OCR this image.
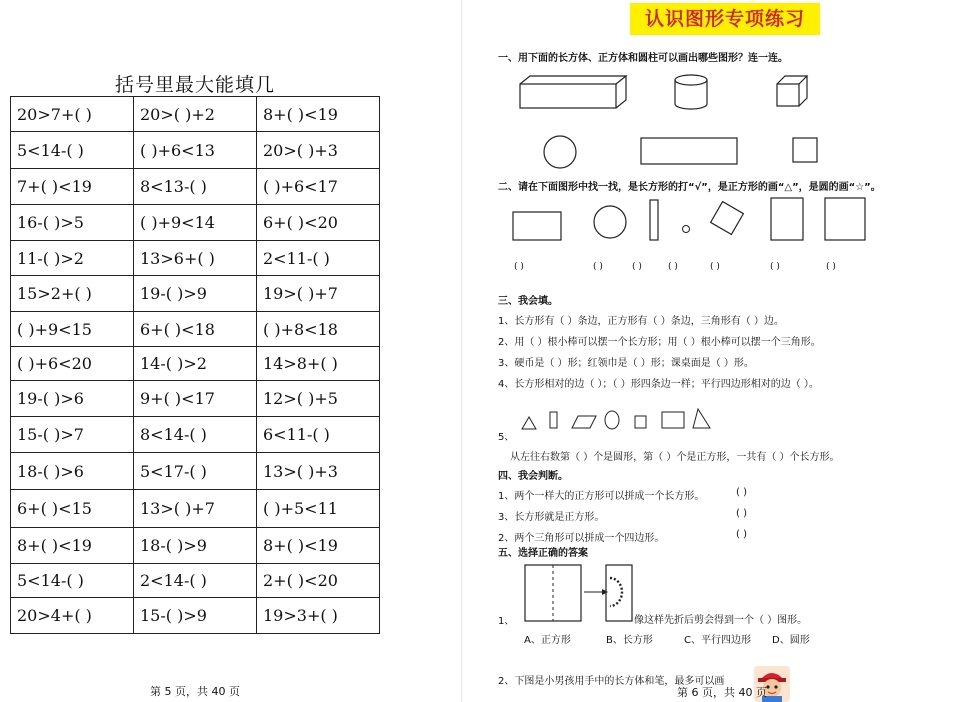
括号里最大能填几
20>7+( )	20>( )+2	8+( )<19
5<14-( )	( )+6<13	20>( )+3
7+( )<19	8<13-( )	( )+6<17
16-( )>5	( )+9<14	6+( )<20
11-( )>2	13>6+( )	2<11-( )
15>2+( )	19-( )>9	19>( )+7
( )+9<15	6+( )<18	( )+8<18
( )+6<20	14-( )>2	14>8+( )
19-( )>6	9+( )<17	12>( )+5
15-( )>7	8<14-( )	6<11-( )
18-( )>6	5<17-( )	13>( )+3
6+( )<15	13>( )+7	( )+5<11
8+( )<19	18-( )>9	8+( )<19
5<14-( )	2<14-( )	2+( )<20
20>4+( )	15-( )>9	19>3+( )
第 5 页，共 40 页
认识图形专项练习
一、用下面的长方体、正方体和圆柱可以画出哪些图形？连一连。
二、请在下面图形中找一找，是长方形的打“√”，是正方形的画“△”，是圆的画“☆”。
( )	( )	( )	( )	( )	( )	( )
三、我会填。
1、长方形有（ ）条边，正方形有（ ）条边，三角形有（ ）边。
2、用（ ）根小棒可以摆一个长方形；用（ ）根小棒可以摆一个三角形。
3、硬币是（ ）形；红领巾是（ ）形；课桌面是（ ）形。
4、长方形相对的边（ ）；（ ）形四条边一样；平行四边形相对的边（ ）。
5、
从左往右数第（ ）个是圆形，第（ ）个是正方形，一共有（ ）个长方形。
四、我会判断。
1、两个一样大的正方形可以拼成一个长方形。
3、长方形就是正方形。
2、两个三角形可以拼成一个四边形。
( )
( )
( )
五、选择正确的答案
1、	像这样先折后剪会得到一个（ ）图形。
A、正方形	B、长方形	C、平行四边形 D、圆形
2、下图是小男孩用手中的长方体和笔，最多可以画
第 6 页，共 40 页
